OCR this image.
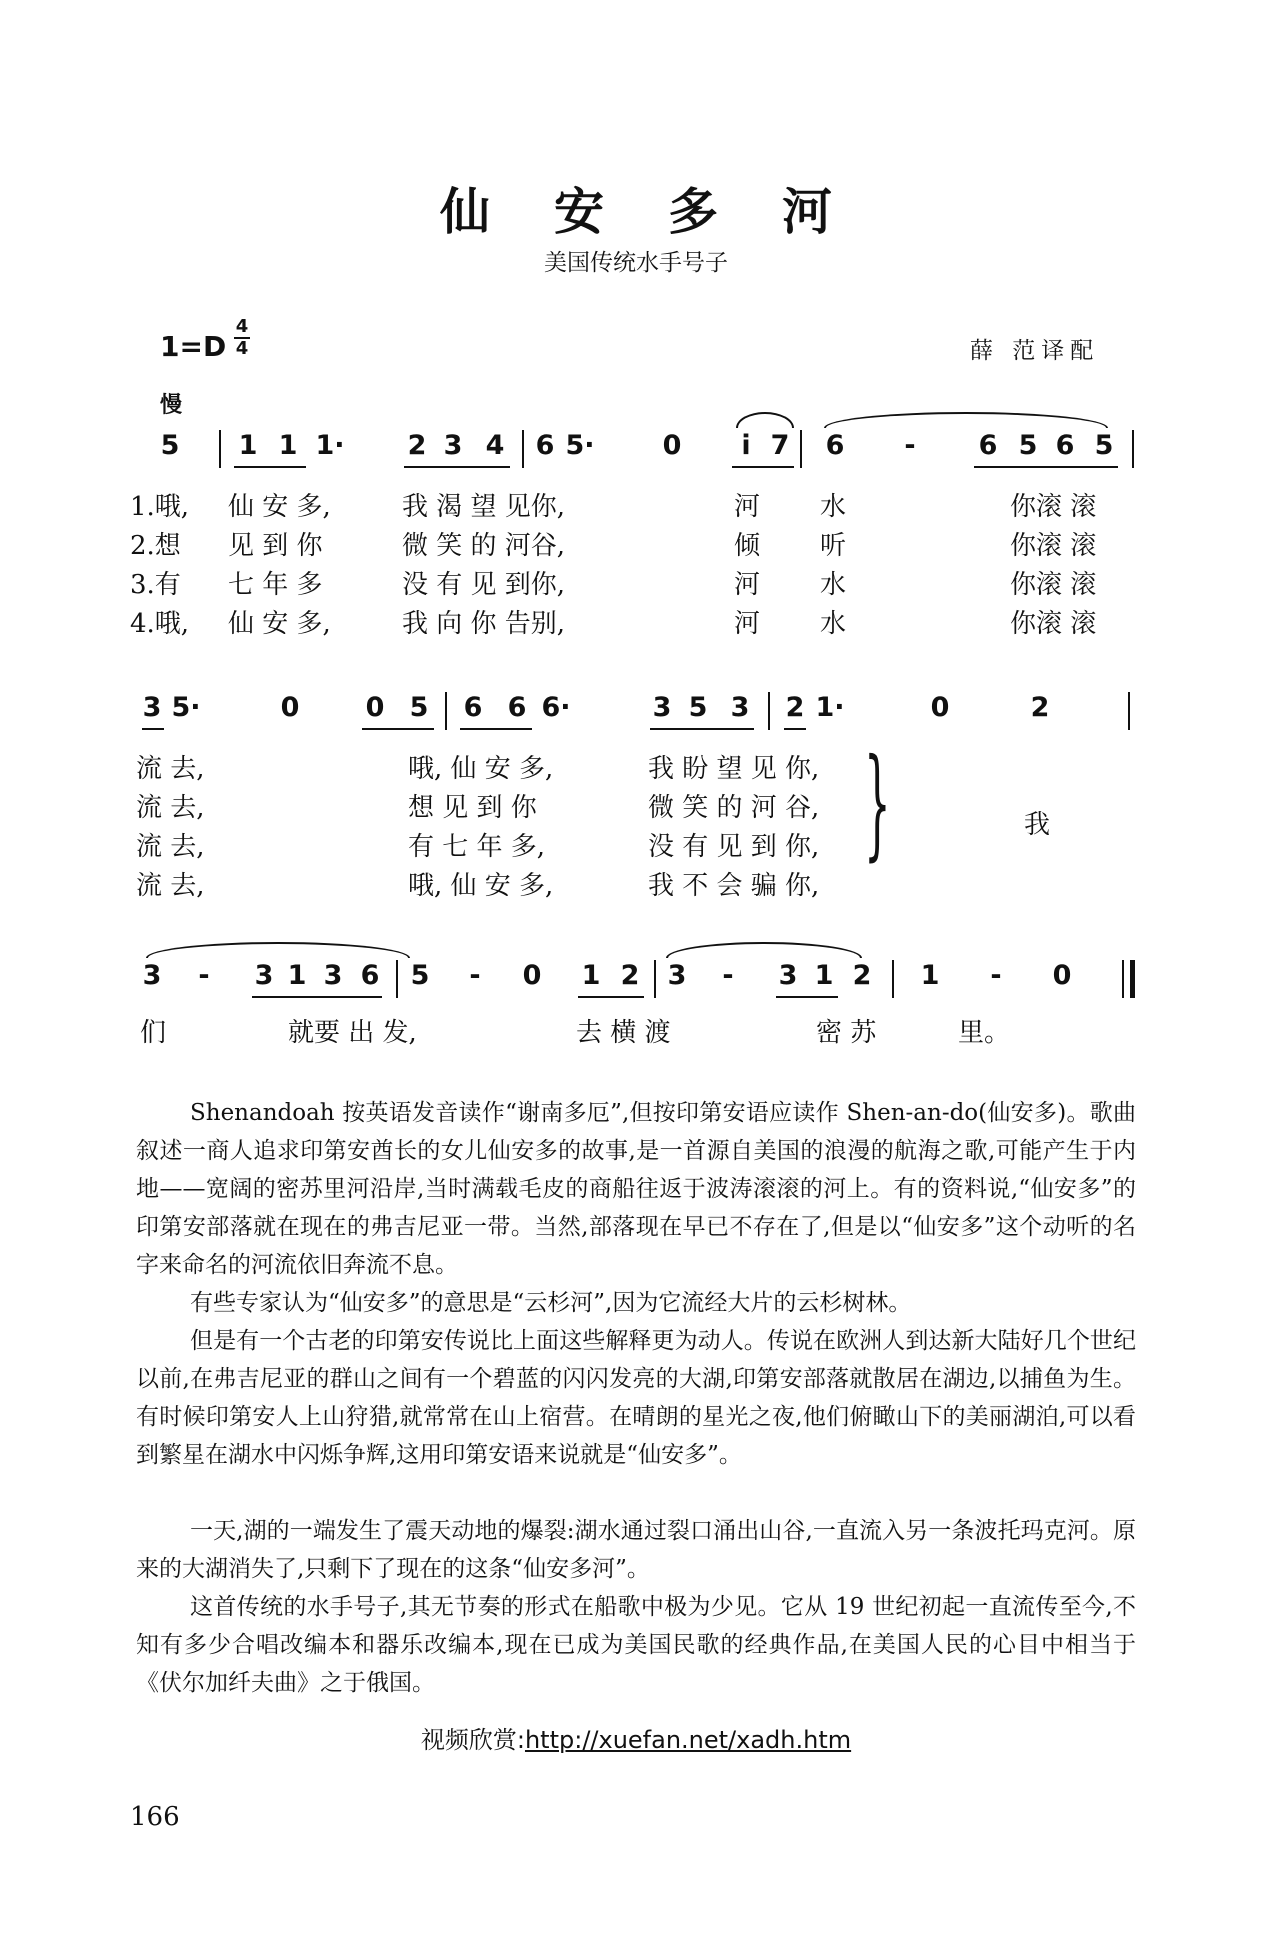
仙安多河
美国传统水手号子
1=D
4
4
慢
薛 范译配
5 1 1 1· 2 3 4 6 5·	0 i 7 6 - 6 5 6 5
1.哦, 仙 安 多,	我 渴 望 见你,	河 水	你滚 滚
2.想 见 到 你	微 笑 的 河谷,	倾 听	你滚 滚
3.有 七 年 多	没 有 见 到你,	河 水	你滚 滚
4.哦, 仙 安 多,	我 向 你 告别,	河 水	你滚 滚
3 5·	0 0 5 6 6 6·	3 5 3 2 1·	0	2
流 去,	哦, 仙 安 多,	我 盼 望 见 你,
流 去,	想 见 到 你	微 笑 的 河 谷,
流 去,	有 七 年 多,	没 有 见 到 你,
流 去,	哦, 仙 安 多,	我 不 会 骗 你,
}	我
3 - 3 1 3 6 5 - 0 1 2 3 - 3 1 2 1 - 0
们	就要 出 发,	去 横 渡	密 苏	里。
Shenandoah 按英语发音读作“谢南多厄”,但按印第安语应读作 Shen-an-do(仙安多)。歌曲叙述一商人追求印第安酋长的女儿仙安多的故事,是一首源自美国的浪漫的航海之歌,可能产生于内地——宽阔的密苏里河沿岸,当时满载毛皮的商船往返于波涛滚滚的河上。有的资料说,“仙安多”的印第安部落就在现在的弗吉尼亚一带。当然,部落现在早已不存在了,但是以“仙安多”这个动听的名字来命名的河流依旧奔流不息。
有些专家认为“仙安多”的意思是“云杉河”,因为它流经大片的云杉树林。
但是有一个古老的印第安传说比上面这些解释更为动人。传说在欧洲人到达新大陆好几个世纪以前,在弗吉尼亚的群山之间有一个碧蓝的闪闪发亮的大湖,印第安部落就散居在湖边,以捕鱼为生。有时候印第安人上山狩猎,就常常在山上宿营。在晴朗的星光之夜,他们俯瞰山下的美丽湖泊,可以看到繁星在湖水中闪烁争辉,这用印第安语来说就是“仙安多”。
一天,湖的一端发生了震天动地的爆裂:湖水通过裂口涌出山谷,一直流入另一条波托玛克河。原来的大湖消失了,只剩下了现在的这条“仙安多河”。
这首传统的水手号子,其无节奏的形式在船歌中极为少见。它从 19 世纪初起一直流传至今,不知有多少合唱改编本和器乐改编本,现在已成为美国民歌的经典作品,在美国人民的心目中相当于《伏尔加纤夫曲》之于俄国。
视频欣赏:http://xuefan.net/xadh.htm
166
